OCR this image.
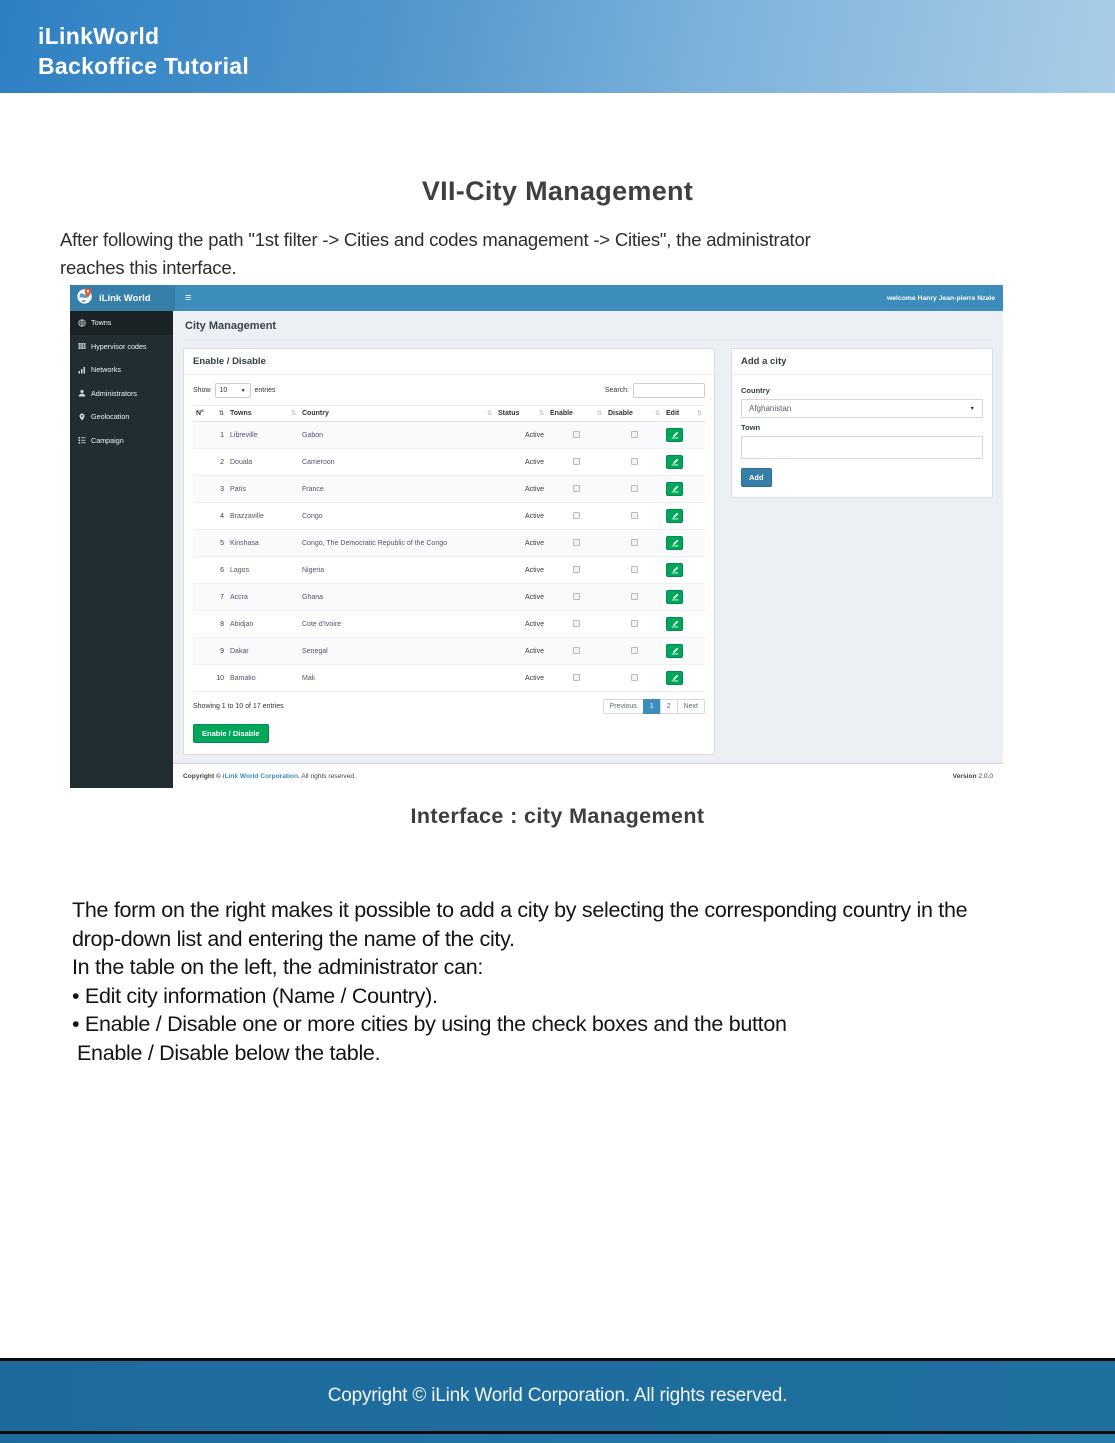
iLinkWorld
Backoffice Tutorial
VII-City Management
After following the path "1st filter -> Cities and codes management -> Cities", the administrator
reaches this interface.
iLink World	≡	welcome Hanry Jean-pierre Nzale
Towns
Hypervisor codes
Networks
Administrators
Geolocation
Campaign
City Management
Enable / Disable
Show 10	▼ entries	Search:
N° ⇅	Towns ⇅	Country ⇅	Status ⇅	Enable ⇅	Disable ⇅	Edit ⇅

1	Libreville	Gabon	Active			

2	Douala	Cameroon	Active			

3	Paris	France	Active			

4	Brazzaville	Congo	Active			

5	Kinshasa	Congo, The Democratic Republic of the Congo	Active			

6	Lagos	Nigeria	Active			

7	Accra	Ghana	Active			

8	Abidjan	Cote d'Ivoire	Active			

9	Dakar	Senegal	Active			

10	Bamako	Mali	Active			
Showing 1 to 10 of 17 entries	Previous	1	2	Next
Enable / Disable
Add a city
Country
Afghanistan	▼
Town
Add
Copyright © iLink World Corporation. All rights reserved.	Version 2.0.0
Interface : city Management
The form on the right makes it possible to add a city by selecting the corresponding country in the
drop-down list and entering the name of the city.
In the table on the left, the administrator can:
• Edit city information (Name / Country).
• Enable / Disable one or more cities by using the check boxes and the button
Enable / Disable below the table.
Copyright © iLink World Corporation. All rights reserved.
